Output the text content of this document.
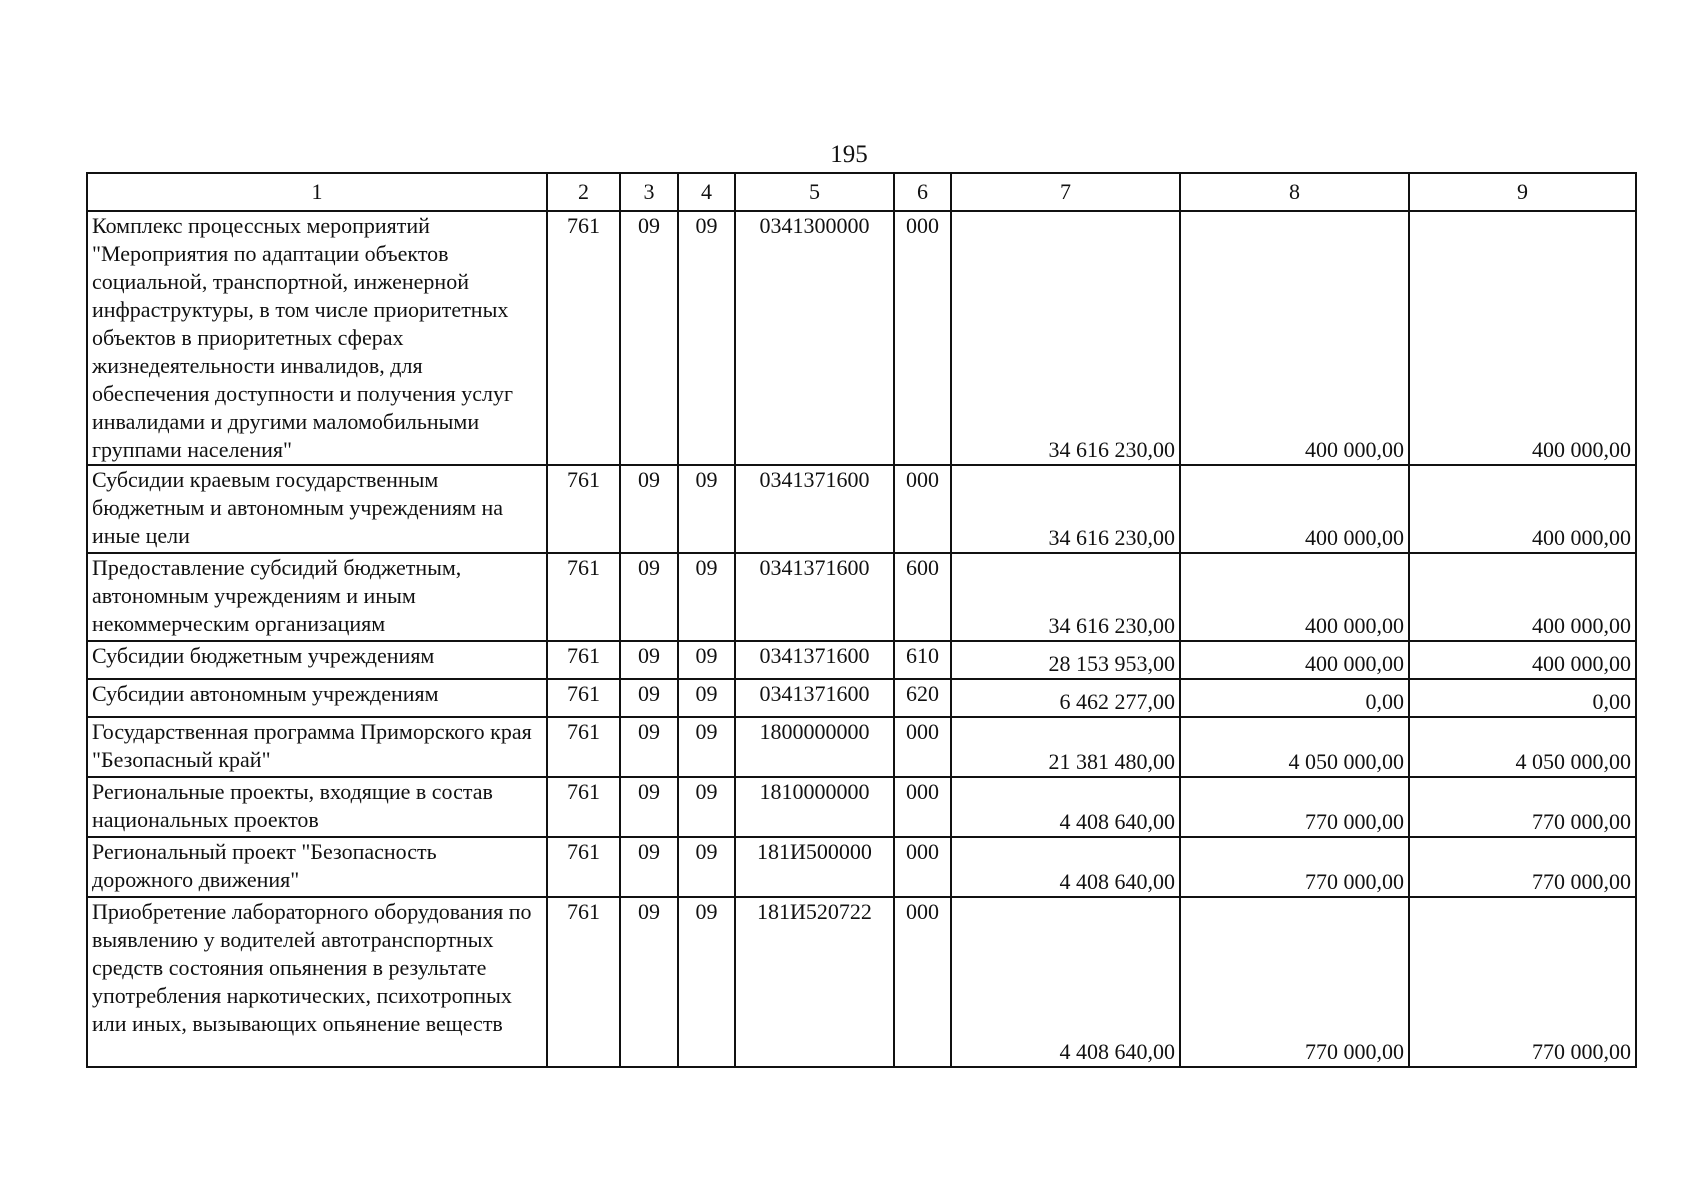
195
1	2	3	4	5	6	7	8	9
Комплекс процессных мероприятий "Мероприятия по адаптации объектов социальной, транспортной, инженерной инфраструктуры, в том числе приоритетных объектов в приоритетных сферах жизнедеятельности инвалидов, для обеспечения доступности и получения услуг инвалидами и другими маломобильными группами населения"	761	09	09	0341300000	000	34 616 230,00	400 000,00	400 000,00
Субсидии краевым государственным бюджетным и автономным учреждениям на иные цели	761	09	09	0341371600	000	34 616 230,00	400 000,00	400 000,00
Предоставление субсидий бюджетным, автономным учреждениям и иным некоммерческим организациям	761	09	09	0341371600	600	34 616 230,00	400 000,00	400 000,00
Субсидии бюджетным учреждениям	761	09	09	0341371600	610	28 153 953,00	400 000,00	400 000,00
Субсидии автономным учреждениям	761	09	09	0341371600	620	6 462 277,00	0,00	0,00
Государственная программа Приморского края "Безопасный край"	761	09	09	1800000000	000	21 381 480,00	4 050 000,00	4 050 000,00
Региональные проекты, входящие в состав национальных проектов	761	09	09	1810000000	000	4 408 640,00	770 000,00	770 000,00
Региональный проект "Безопасность дорожного движения"	761	09	09	181И500000	000	4 408 640,00	770 000,00	770 000,00
Приобретение лабораторного оборудования по выявлению у водителей автотранспортных средств состояния опьянения в результате употребления наркотических, психотропных или иных, вызывающих опьянение веществ	761	09	09	181И520722	000	4 408 640,00	770 000,00	770 000,00
